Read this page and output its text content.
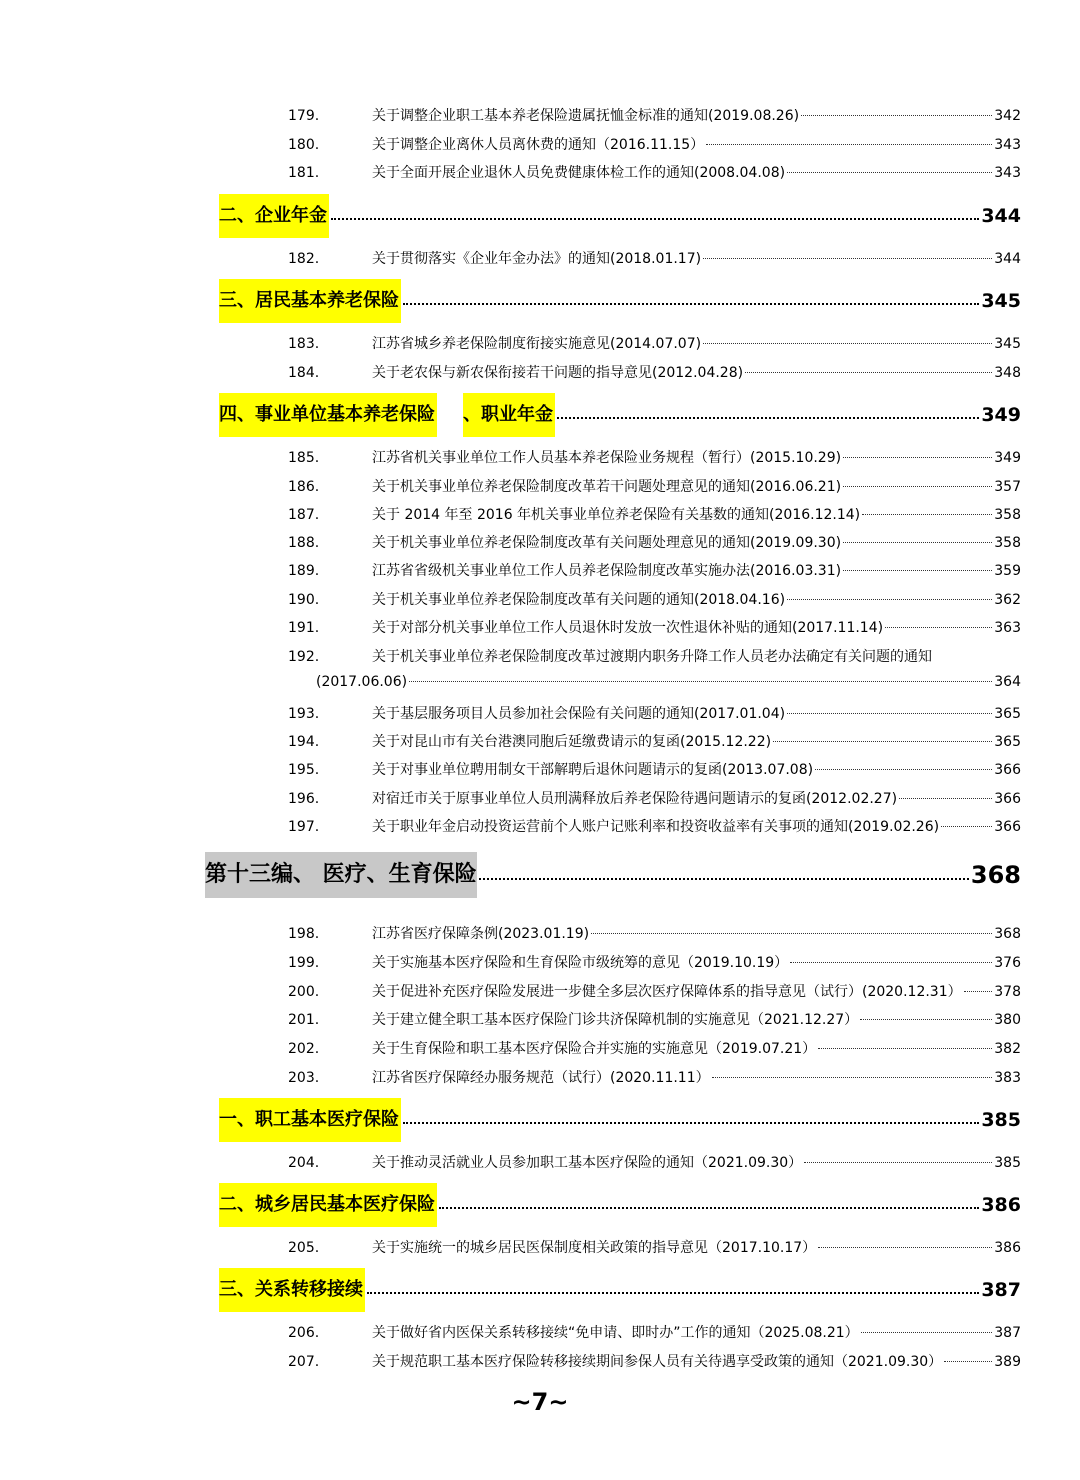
179.	关于调整企业职工基本养老保险遗属抚恤金标准的通知(2019.08.26)	342
180.	关于调整企业离休人员离休费的通知（2016.11.15）	343
181.	关于全面开展企业退休人员免费健康体检工作的通知(2008.04.08)	343
二、企业年金	344
182.	关于贯彻落实《企业年金办法》的通知(2018.01.17)	344
三、居民基本养老保险	345
183.	江苏省城乡养老保险制度衔接实施意见(2014.07.07)	345
184.	关于老农保与新农保衔接若干问题的指导意见(2012.04.28)	348
四、事业单位基本养老保险 、职业年金	349
185.	江苏省机关事业单位工作人员基本养老保险业务规程（暂行）(2015.10.29)	349
186.	关于机关事业单位养老保险制度改革若干问题处理意见的通知(2016.06.21)	357
187.	关于 2014 年至 2016 年机关事业单位养老保险有关基数的通知(2016.12.14)	358
188.	关于机关事业单位养老保险制度改革有关问题处理意见的通知(2019.09.30)	358
189.	江苏省省级机关事业单位工作人员养老保险制度改革实施办法(2016.03.31)	359
190.	关于机关事业单位养老保险制度改革有关问题的通知(2018.04.16)	362
191.	关于对部分机关事业单位工作人员退休时发放一次性退休补贴的通知(2017.11.14)	363
192.	关于机关事业单位养老保险制度改革过渡期内职务升降工作人员老办法确定有关问题的通知
(2017.06.06)	364
193.	关于基层服务项目人员参加社会保险有关问题的通知(2017.01.04)	365
194.	关于对昆山市有关台港澳同胞后延缴费请示的复函(2015.12.22)	365
195.	关于对事业单位聘用制女干部解聘后退休问题请示的复函(2013.07.08)	366
196.	对宿迁市关于原事业单位人员刑满释放后养老保险待遇问题请示的复函(2012.02.27)	366
197.	关于职业年金启动投资运营前个人账户记账利率和投资收益率有关事项的通知(2019.02.26)	366
第十三编、 医疗、生育保险	368
198.	江苏省医疗保障条例(2023.01.19)	368
199.	关于实施基本医疗保险和生育保险市级统筹的意见（2019.10.19）	376
200.	关于促进补充医疗保险发展进一步健全多层次医疗保障体系的指导意见（试行）(2020.12.31） 378
201.	关于建立健全职工基本医疗保险门诊共济保障机制的实施意见（2021.12.27）	380
202.	关于生育保险和职工基本医疗保险合并实施的实施意见（2019.07.21）	382
203.	江苏省医疗保障经办服务规范（试行）(2020.11.11）	383
一、职工基本医疗保险	385
204.	关于推动灵活就业人员参加职工基本医疗保险的通知（2021.09.30）	385
二、城乡居民基本医疗保险	386
205.	关于实施统一的城乡居民医保制度相关政策的指导意见（2017.10.17）	386
三、关系转移接续	387
206.	关于做好省内医保关系转移接续“免申请、即时办”工作的通知（2025.08.21）	387
207.	关于规范职工基本医疗保险转移接续期间参保人员有关待遇享受政策的通知（2021.09.30）	389
~7~
